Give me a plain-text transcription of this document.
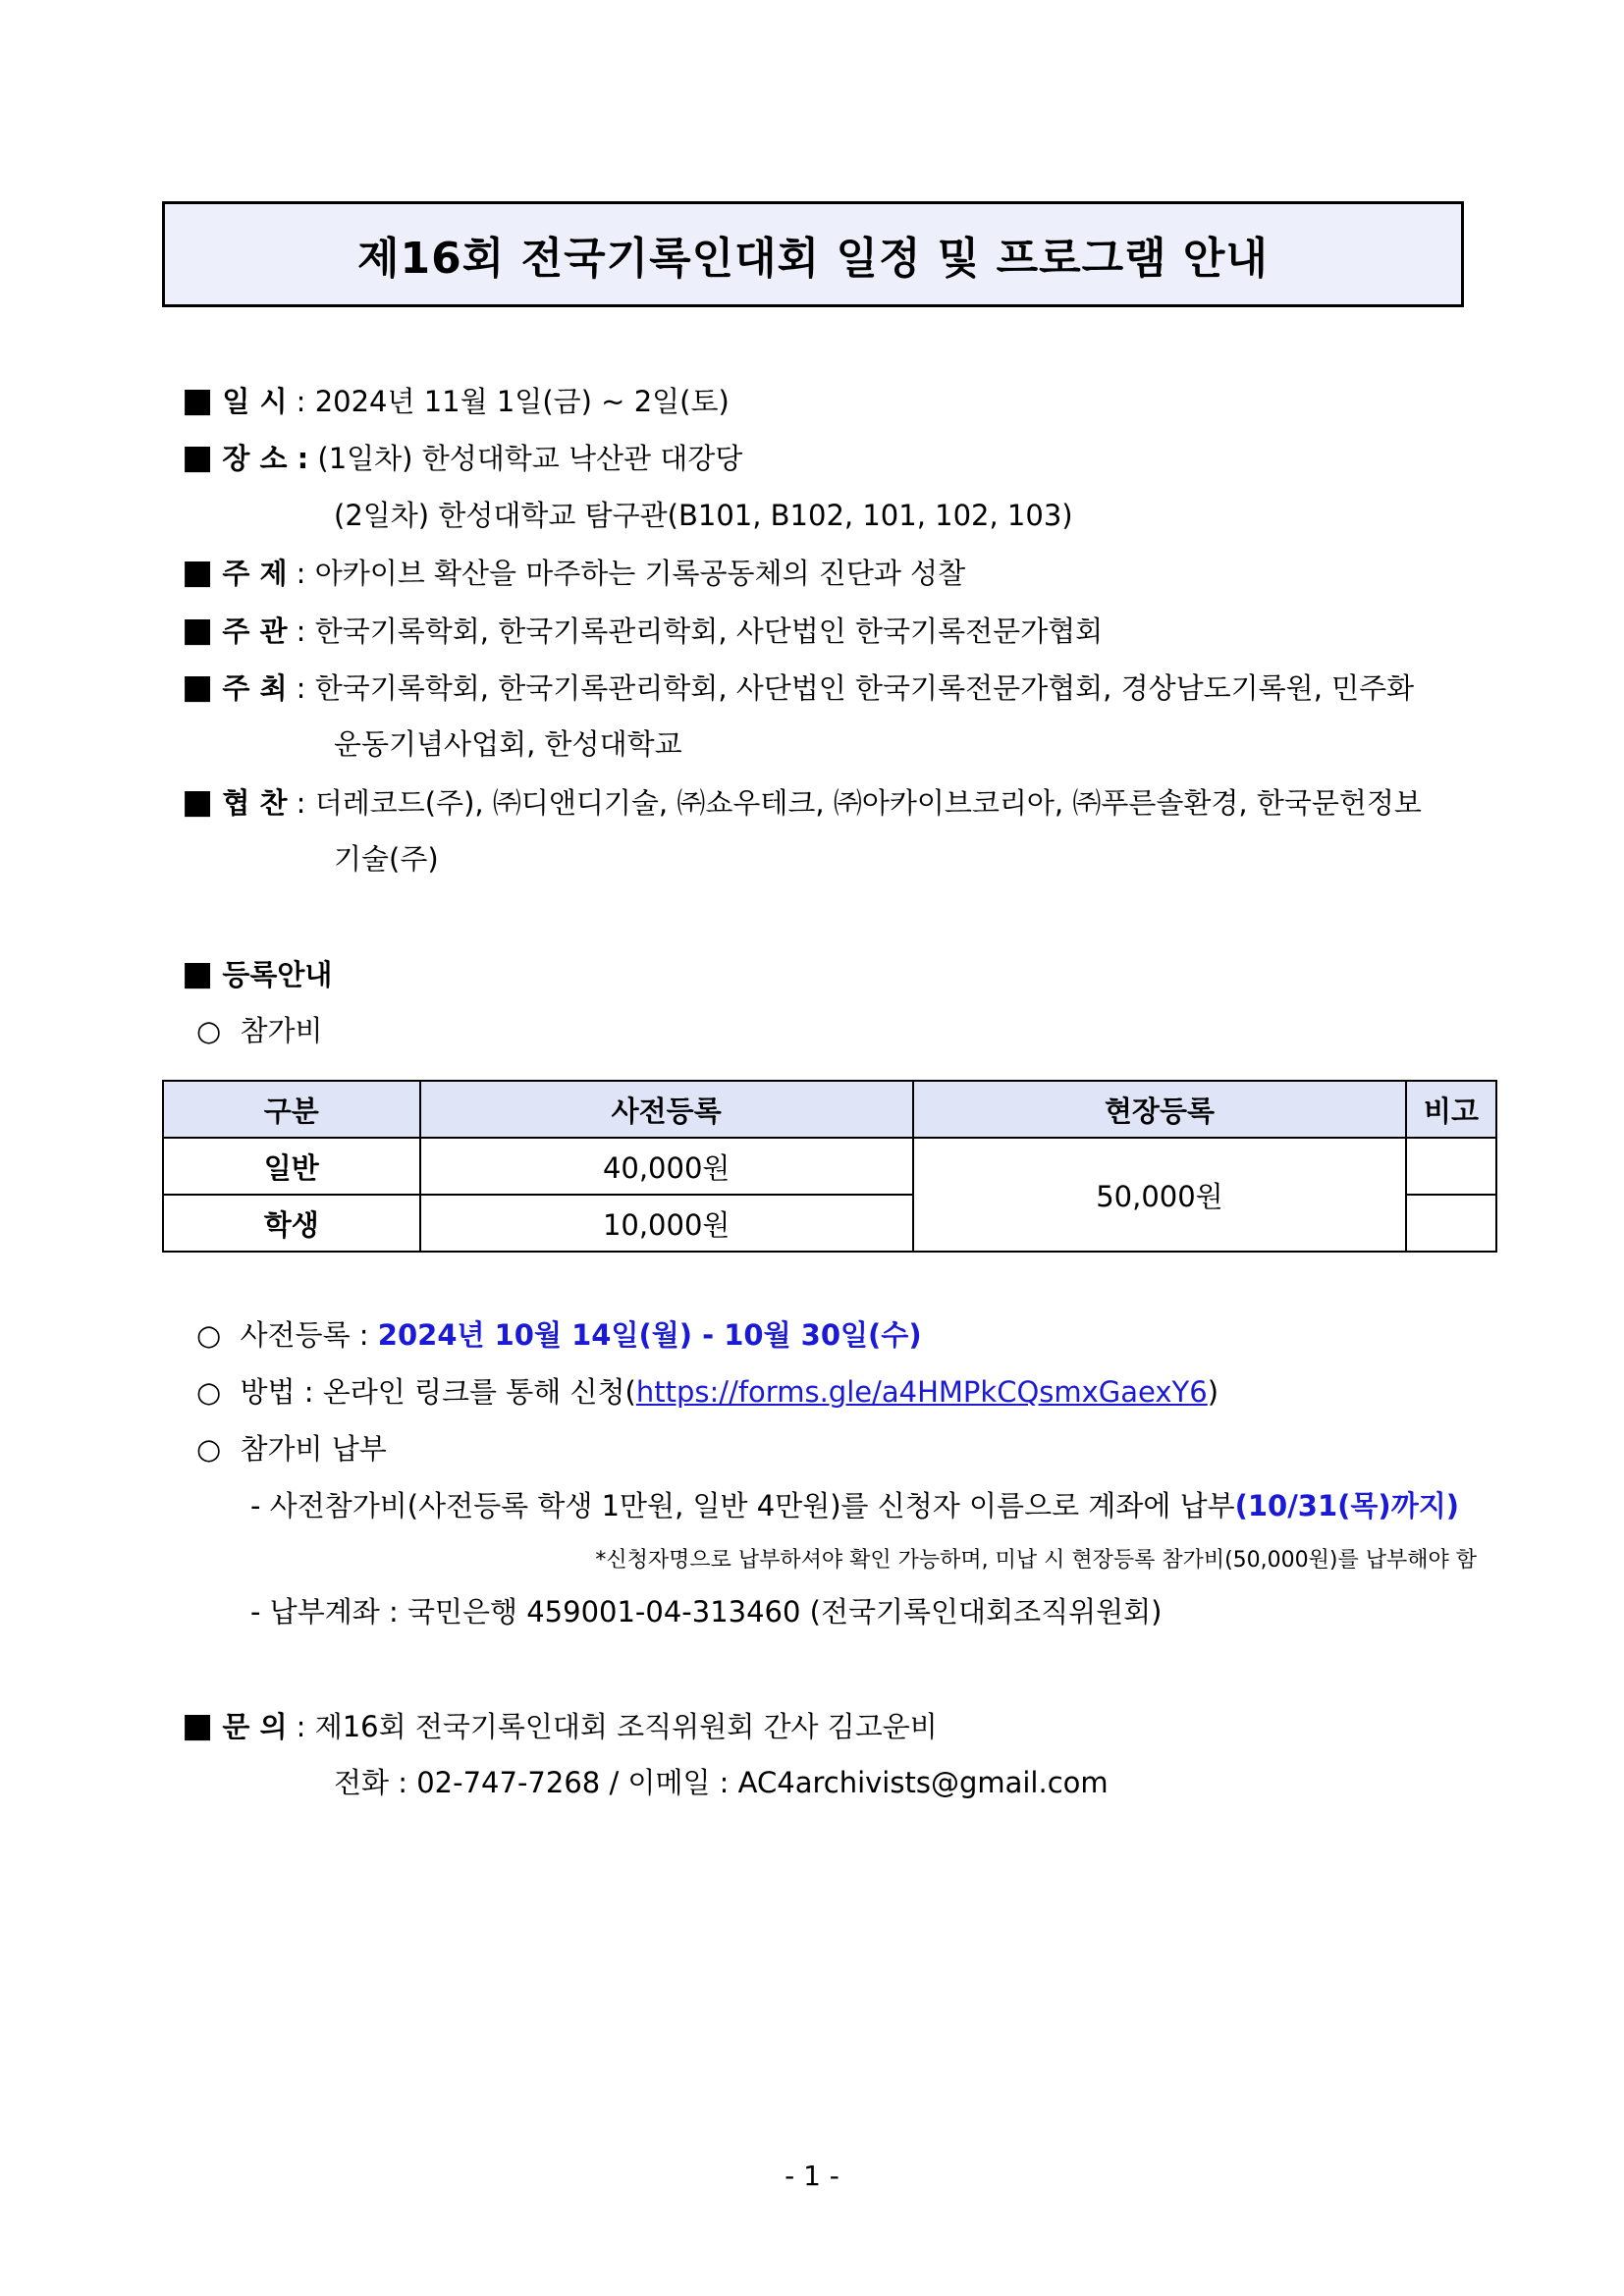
제16회 전국기록인대회 일정 및 프로그램 안내
■ 일 시 : 2024년 11월 1일(금) ~ 2일(토)
■ 장 소 : (1일차) 한성대학교 낙산관 대강당
(2일차) 한성대학교 탐구관(B101, B102, 101, 102, 103)
■ 주 제 : 아카이브 확산을 마주하는 기록공동체의 진단과 성찰
■ 주 관 : 한국기록학회, 한국기록관리학회, 사단법인 한국기록전문가협회
■ 주 최 : 한국기록학회, 한국기록관리학회, 사단법인 한국기록전문가협회, 경상남도기록원, 민주화
운동기념사업회, 한성대학교
■ 협 찬 : 더레코드(주), ㈜디앤디기술, ㈜쇼우테크, ㈜아카이브코리아, ㈜푸른솔환경, 한국문헌정보
기술(주)
■ 등록안내
○ 참가비
구분	사전등록	현장등록	비고
일반	40,000원	50,000원	
학생	10,000원		
○ 사전등록 : 2024년 10월 14일(월) - 10월 30일(수)
○ 방법 : 온라인 링크를 통해 신청(https://forms.gle/a4HMPkCQsmxGaexY6)
○ 참가비 납부
- 사전참가비(사전등록 학생 1만원, 일반 4만원)를 신청자 이름으로 계좌에 납부(10/31(목)까지)
*신청자명으로 납부하셔야 확인 가능하며, 미납 시 현장등록 참가비(50,000원)를 납부해야 함
- 납부계좌 : 국민은행 459001-04-313460 (전국기록인대회조직위원회)
■ 문 의 : 제16회 전국기록인대회 조직위원회 간사 김고운비
전화 : 02-747-7268 / 이메일 : AC4archivists@gmail.com
- 1 -
